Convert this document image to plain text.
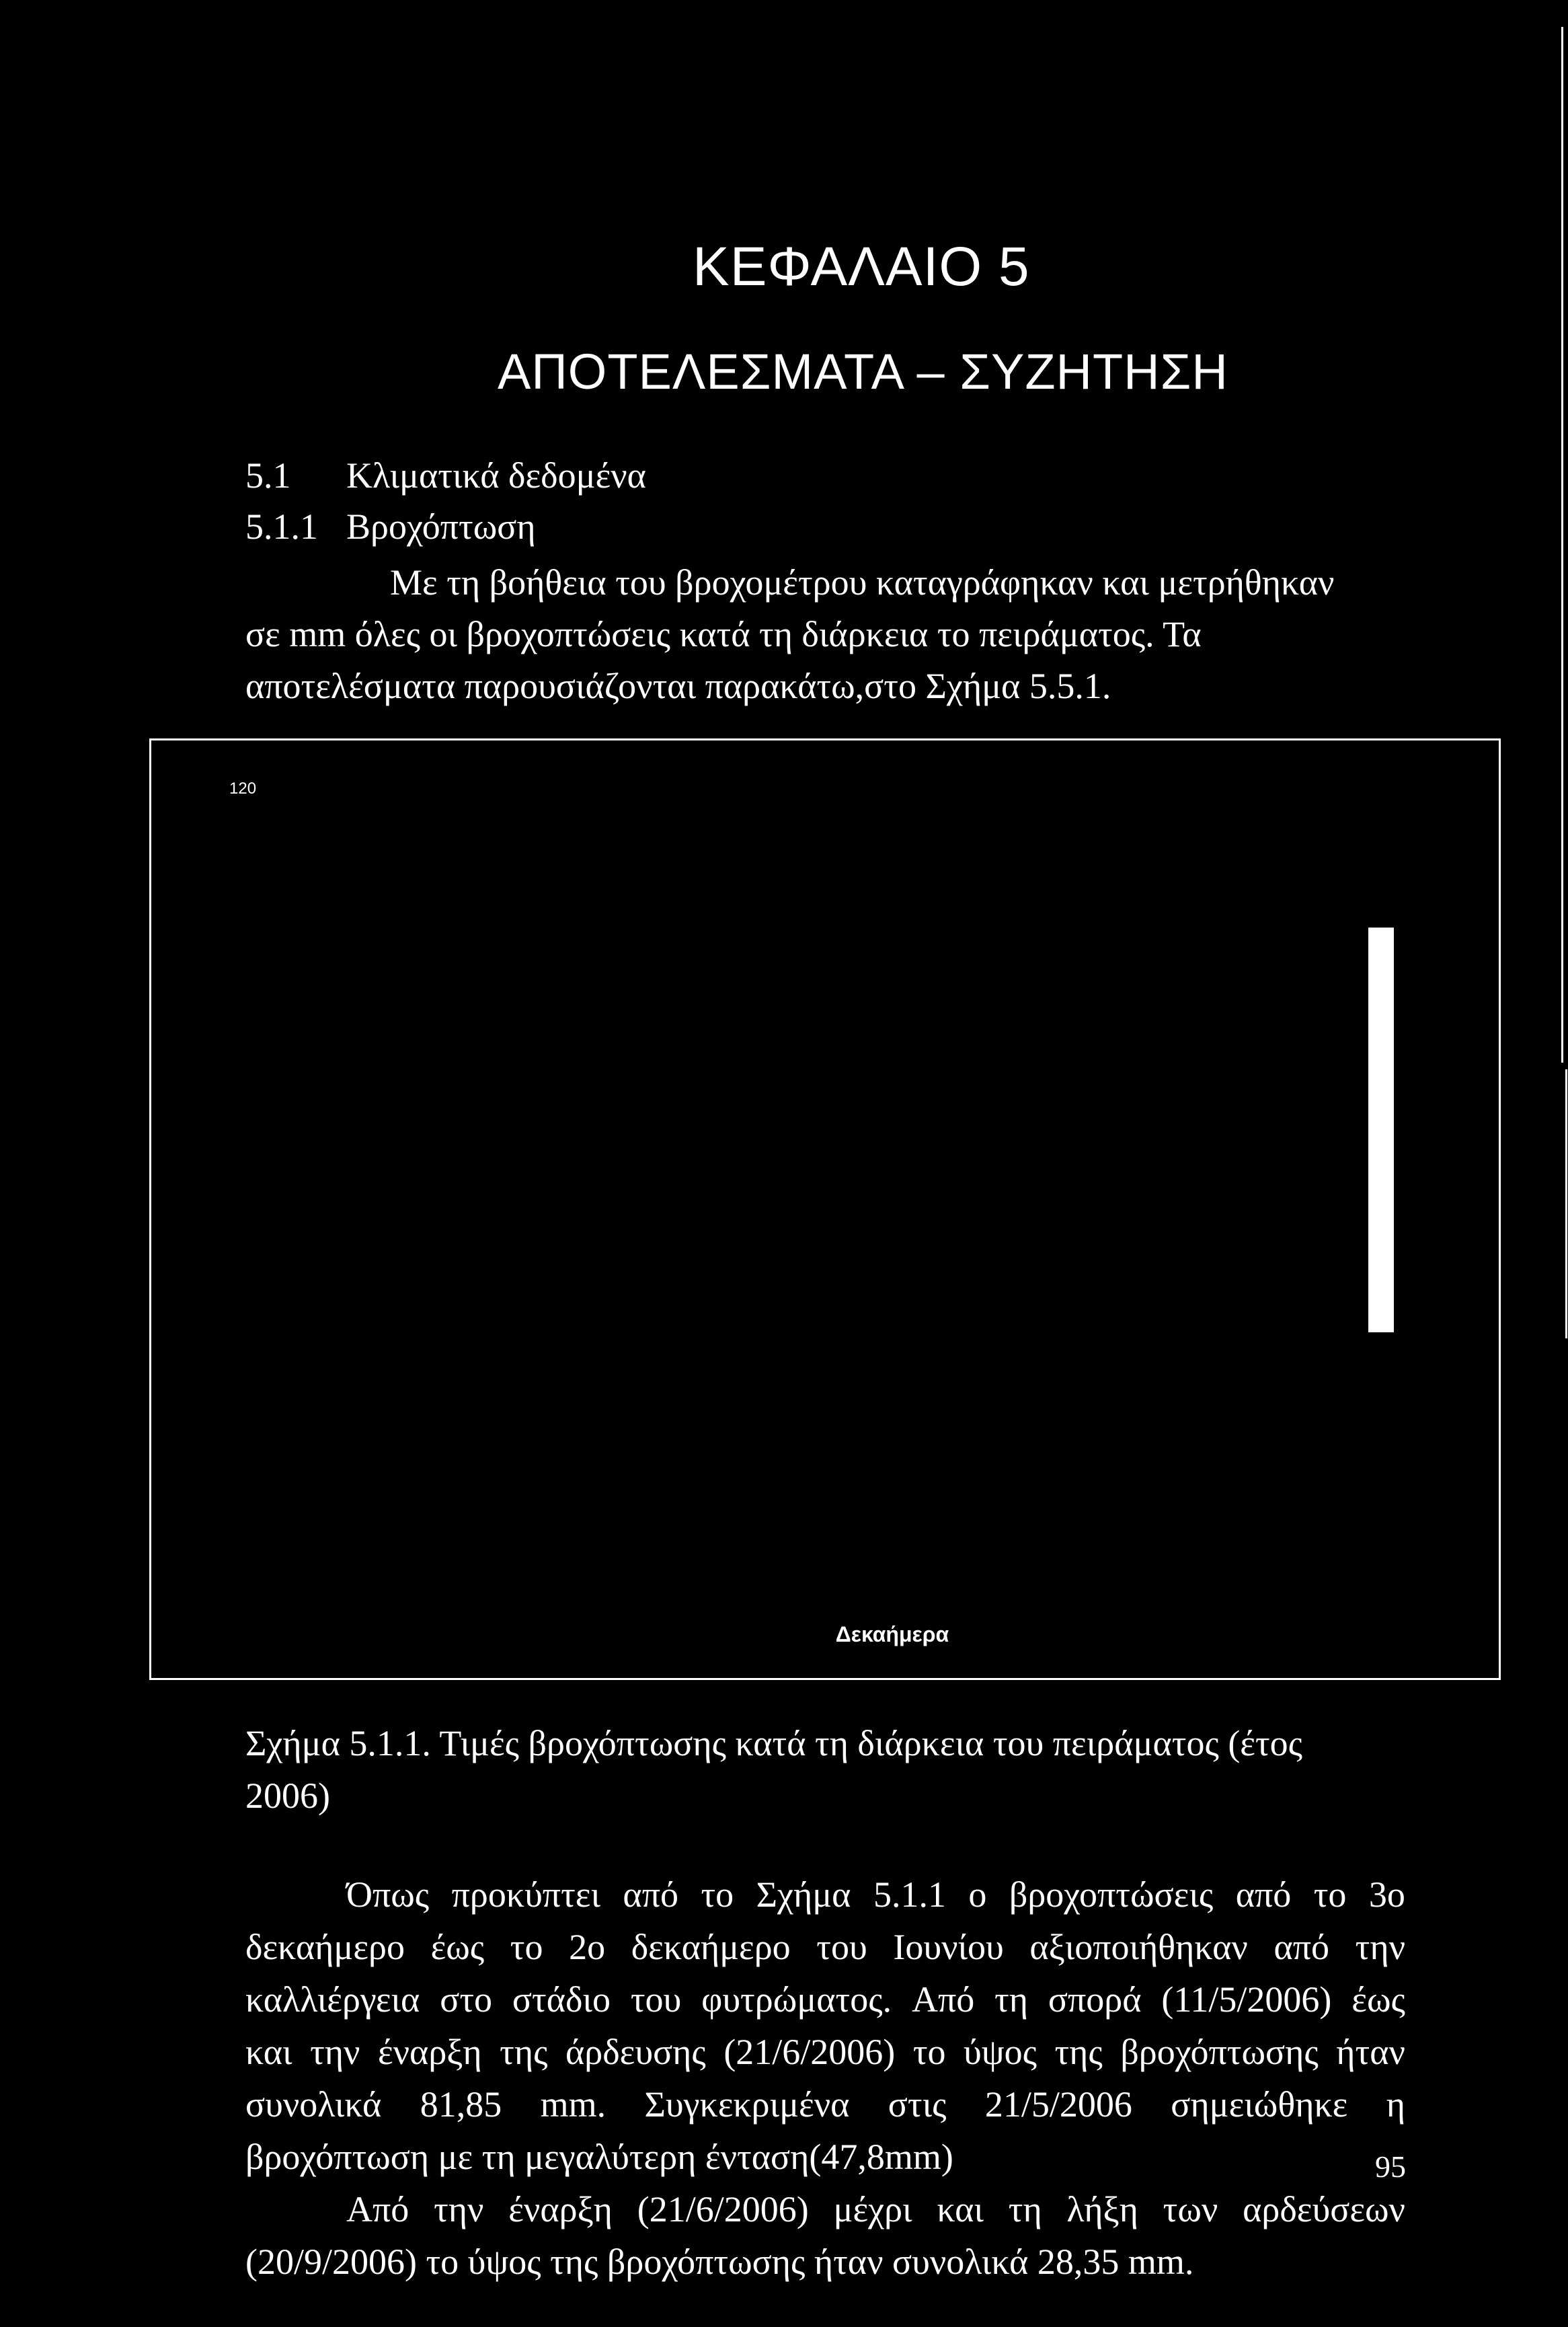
ΚΕΦΑΛΑΙΟ 5
ΑΠΟΤΕΛΕΣΜΑΤΑ – ΣΥΖΗΤΗΣΗ
5.1 Κλιματικά δεδομένα
5.1.1 Βροχόπτωση
Με τη βοήθεια του βροχομέτρου καταγράφηκαν και μετρήθηκαν
σε mm όλες οι βροχοπτώσεις κατά τη διάρκεια το πειράματος. Τα
αποτελέσματα παρουσιάζονται παρακάτω,στο Σχήμα 5.5.1.
120
Δεκαήμερα
Σχήμα 5.1.1. Τιμές βροχόπτωσης κατά τη διάρκεια του πειράματος (έτος
2006)
Όπως προκύπτει από το Σχήμα 5.1.1 ο βροχοπτώσεις από το 3ο
δεκαήμερο έως το 2ο δεκαήμερο του Ιουνίου αξιοποιήθηκαν από την
καλλιέργεια στο στάδιο του φυτρώματος. Από τη σπορά (11/5/2006) έως
και την έναρξη της άρδευσης (21/6/2006) το ύψος της βροχόπτωσης ήταν
συνολικά 81,85 mm. Συγκεκριμένα στις 21/5/2006 σημειώθηκε η
βροχόπτωση με τη μεγαλύτερη ένταση(47,8mm)
Από την έναρξη (21/6/2006) μέχρι και τη λήξη των αρδεύσεων
(20/9/2006) το ύψος της βροχόπτωσης ήταν συνολικά 28,35 mm.
95
